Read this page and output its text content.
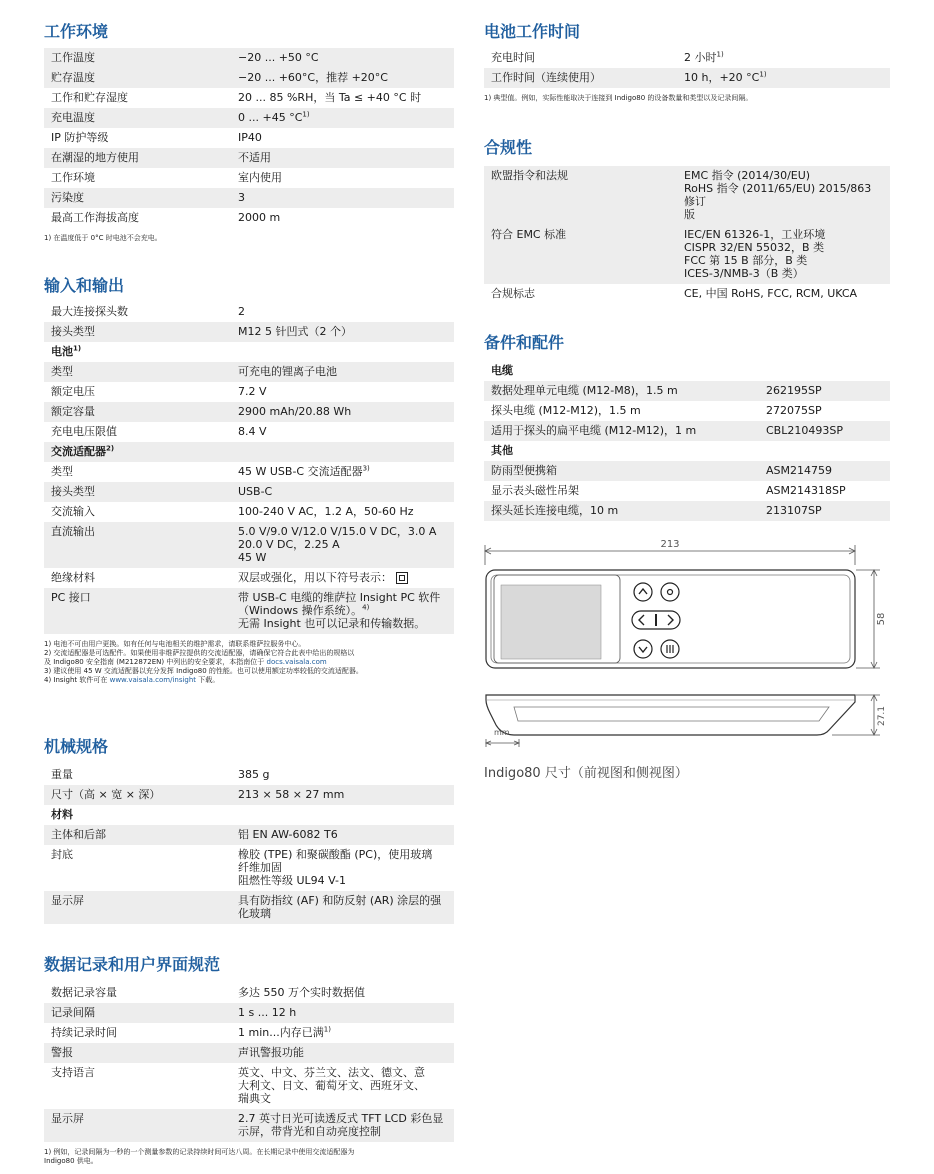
工作环境
工作温度	−20 ... +50 °C
贮存温度	−20 ... +60°C，推荐 +20°C
工作和贮存湿度	20 ... 85 %RH，当 Ta ≤ +40 °C 时
充电温度	0 ... +45 $^\circ C^{1)}$
IP 防护等级	IP40
在潮湿的地方使用	不适用
工作环境	室内使用
污染度	3
最高工作海拔高度	2000 m
1) 在温度低于 0°C 时电池不会充电。
输入和输出
最大连接探头数	2
接头类型	M12 5 针凹式（2 个）
电池$^{1)}$	
类型	可充电的锂离子电池
额定电压	7.2 V
额定容量	2900 mAh/20.88 Wh
充电电压限值	8.4 V
交流适配器$^{2)}$	
类型	45 W USB-C 交流适配器$^{3)}$
接头类型	USB-C
交流输入	100-240 V AC，1.2 A，50-60 Hz
直流输出	5.0 V/9.0 V/12.0 V/15.0 V DC，3.0 A
20.0 V DC，2.25 A
45 W

绝缘材料	双层或强化，用以下符号表示：
PC 接口	带 USB-C 电缆的维萨拉 Insight PC 软件
（Windows 操作系统）。$^{4)}$
无需 Insight 也可以记录和传输数据。
1) 电池不可由用户更换。如有任何与电池相关的维护需求，请联系维萨拉服务中心。
2) 交流适配器是可选配件。如果使用非维萨拉提供的交流适配器，请确保它符合此表中给出的规格以
及 Indigo80 安全指南 (M212872EN) 中列出的安全要求，本指南位于 docs.vaisala.com
3) 建议使用 45 W 交流适配器以充分发挥 Indigo80 的性能。也可以使用额定功率较低的交流适配器。
4) Insight 软件可在 www.vaisala.com/insight 下载。
机械规格
重量	385 g
尺寸（高 × 宽 × 深）	213 × 58 × 27 mm
材料	
主体和后部	铝 EN AW-6082 T6
封底	橡胶 (TPE) 和聚碳酸酯 (PC)，使用玻璃
纤维加固
阻燃性等级 UL94 V-1

显示屏	具有防指纹 (AF) 和防反射 (AR) 涂层的强
化玻璃
数据记录和用户界面规范
数据记录容量	多达 550 万个实时数据值
记录间隔	1 s ... 12 h
持续记录时间	1 min...内存已满$^{1)}$
警报	声讯警报功能
支持语言	英文、中文、芬兰文、法文、德文、意
大利文、日文、葡萄牙文、西班牙文、
瑞典文

显示屏	2.7 英寸日光可读透反式 TFT LCD 彩色显
示屏，带背光和自动亮度控制
1) 例如，记录间隔为一秒的一个测量参数的记录持续时间可达八周。在长期记录中使用交流适配器为
Indigo80 供电。
电池工作时间
充电时间	2 小时$^{1)}$
工作时间（连续使用）	10 h，+20 $^\circ C^{1)}$
1) 典型值。例如，实际性能取决于连接到 Indigo80 的设备数量和类型以及记录间隔。
合规性
欧盟指令和法规	EMC 指令 (2014/30/EU)
RoHS 指令 (2011/65/EU) 2015/863 修订
版

符合 EMC 标准	IEC/EN 61326-1，工业环境
CISPR 32/EN 55032，B 类
FCC 第 15 B 部分，B 类
ICES-3/NMB-3（B 类）

合规标志	CE, 中国 RoHS, FCC, RCM, UKCA
备件和配件
电缆	
数据处理单元电缆 (M12-M8)，1.5 m	262195SP
探头电缆 (M12-M12)，1.5 m	272075SP
适用于探头的扁平电缆 (M12-M12)，1 m	CBL210493SP
其他	
防雨型便携箱	ASM214759
显示表头磁性吊架	ASM214318SP
探头延长连接电缆，10 m	213107SP
213
58
27.1
mm
Indigo80 尺寸（前视图和侧视图）
